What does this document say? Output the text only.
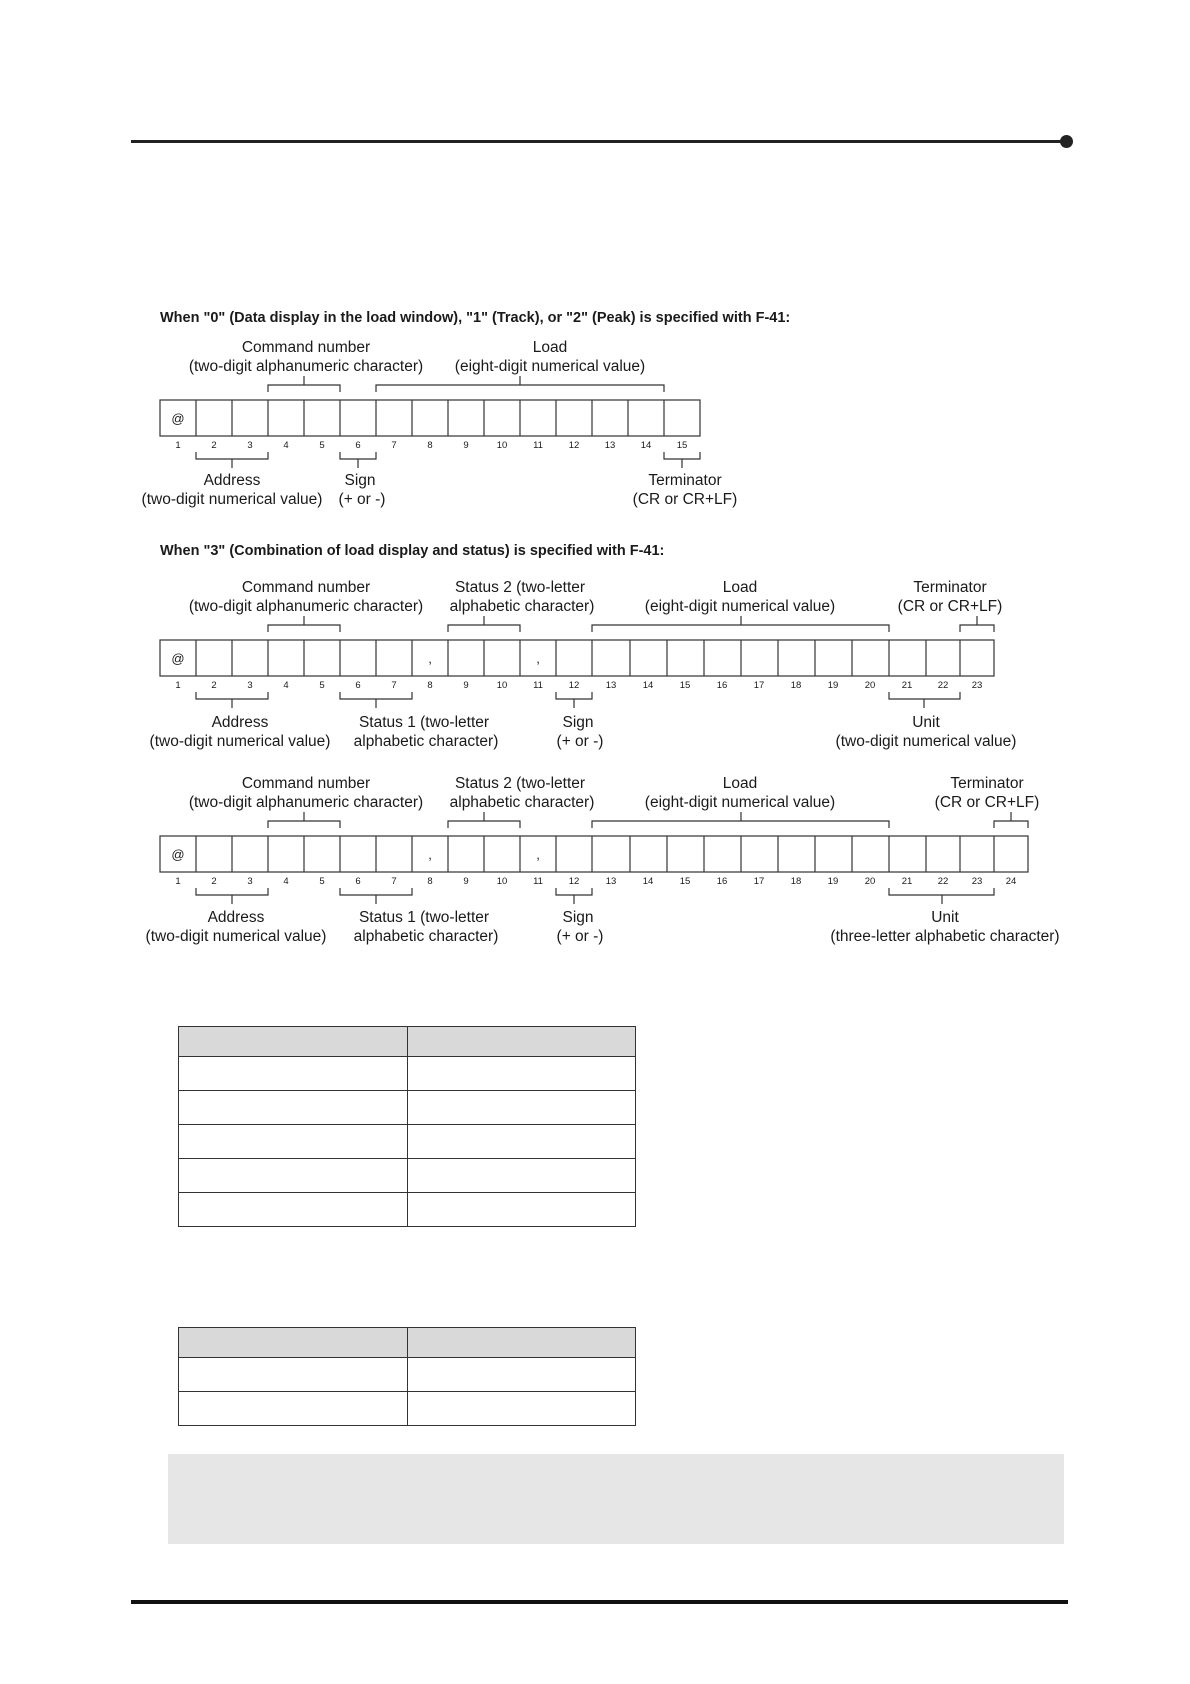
When "0" (Data display in the load window), "1" (Track), or "2" (Peak) is specified with F-41:
When "3" (Combination of load display and status) is specified with F-41:
@
Command number
(two-digit alphanumeric character)
Load
(eight-digit numerical value)
Address
(two-digit numerical value)
Sign
(+ or -)
Terminator
(CR or CR+LF)
1	2	3	4	5	6	7	8	9	10	11	12	13	14	15
@	,	,
Command number
(two-digit alphanumeric character)
Status 2 (two-letter
alphabetic character)
Load
(eight-digit numerical value)
Terminator
(CR or CR+LF)
Address
(two-digit numerical value)
Status 1 (two-letter
alphabetic character)
Sign
(+ or -)
Unit
(two-digit numerical value)
1	2	3	4	5	6	7	8	9	10	11	12	13	14	15	16	17	18	19	20	21	22 23
@	,	,
Command number
(two-digit alphanumeric character)
Status 2 (two-letter
alphabetic character)
Load
(eight-digit numerical value)
Terminator
(CR or CR+LF)
Address
(two-digit numerical value)
Status 1 (two-letter
alphabetic character)
Sign
(+ or -)
Unit
(three-letter alphabetic character)
1	2	3	4	5	6	7	8	9	10	11	12	13	14	15	16	17	18	19	20	21	22 23 24
